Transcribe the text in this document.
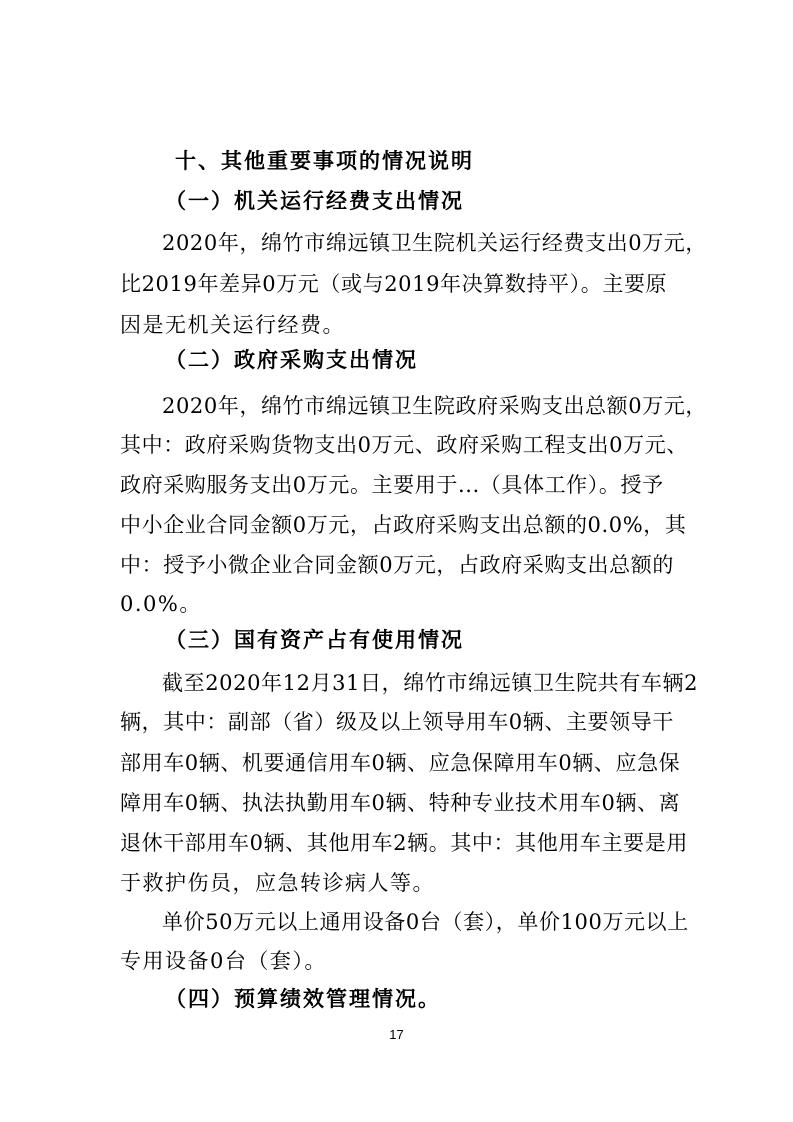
十、其他重要事项的情况说明
（一）机关运行经费支出情况
2020年，绵竹市绵远镇卫生院机关运行经费支出0万元，
比2019年差异0万元（或与2019年决算数持平）。主要原
因是无机关运行经费。
（二）政府采购支出情况
2020年，绵竹市绵远镇卫生院政府采购支出总额0万元，
其中：政府采购货物支出0万元、政府采购工程支出0万元、
政府采购服务支出0万元。主要用于...（具体工作）。授予
中小企业合同金额0万元，占政府采购支出总额的0.0%，其
中：授予小微企业合同金额0万元，占政府采购支出总额的
0.0%。
（三）国有资产占有使用情况
截至2020年12月31日，绵竹市绵远镇卫生院共有车辆2
辆，其中：副部（省）级及以上领导用车0辆、主要领导干
部用车0辆、机要通信用车0辆、应急保障用车0辆、应急保
障用车0辆、执法执勤用车0辆、特种专业技术用车0辆、离
退休干部用车0辆、其他用车2辆。其中：其他用车主要是用
于救护伤员，应急转诊病人等。
单价50万元以上通用设备0台（套），单价100万元以上
专用设备0台（套）。
（四）预算绩效管理情况。
17
